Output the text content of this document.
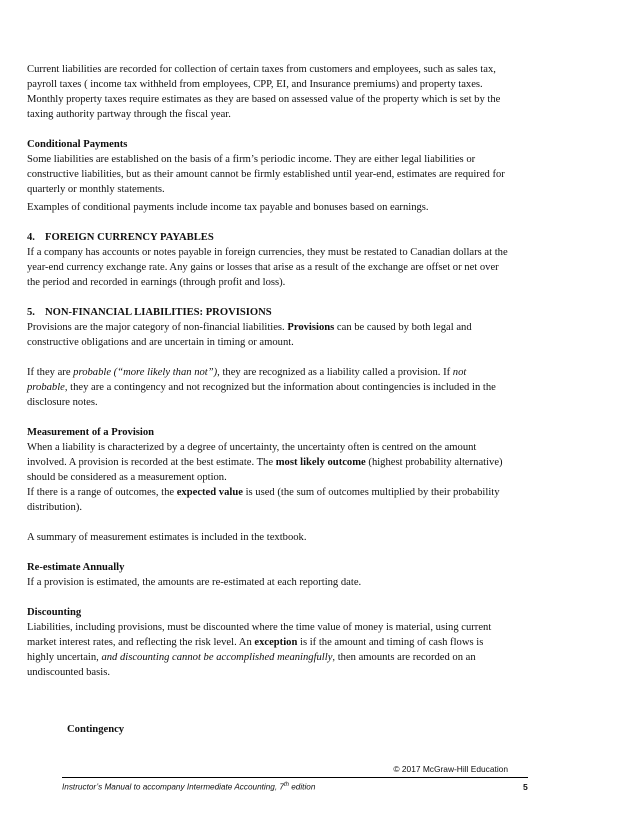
Current liabilities are recorded for collection of certain taxes from customers and employees, such as sales tax, payroll taxes ( income tax withheld from employees, CPP, EI, and Insurance premiums) and property taxes. Monthly property taxes require estimates as they are based on assessed value of the property which is set by the taxing authority partway through the fiscal year.

Conditional Payments

Some liabilities are established on the basis of a firm’s periodic income. They are either legal liabilities or constructive liabilities, but as their amount cannot be firmly established until year-end, estimates are required for quarterly or monthly statements.

Examples of conditional payments include income tax payable and bonuses based on earnings.

4. FOREIGN CURRENCY PAYABLES

If a company has accounts or notes payable in foreign currencies, they must be restated to Canadian dollars at the year-end currency exchange rate. Any gains or losses that arise as a result of the exchange are offset or net over the period and recorded in earnings (through profit and loss).

5. NON-FINANCIAL LIABILITIES: PROVISIONS

Provisions are the major category of non-financial liabilities. Provisions can be caused by both legal and constructive obligations and are uncertain in timing or amount.

If they are probable (“more likely than not”), they are recognized as a liability called a provision. If not probable, they are a contingency and not recognized but the information about contingencies is included in the disclosure notes.

Measurement of a Provision

When a liability is characterized by a degree of uncertainty, the uncertainty often is centred on the amount involved. A provision is recorded at the best estimate. The most likely outcome (highest probability alternative) should be considered as a measurement option.

If there is a range of outcomes, the expected value is used (the sum of outcomes multiplied by their probability distribution).

A summary of measurement estimates is included in the textbook.

Re-estimate Annually

If a provision is estimated, the amounts are re-estimated at each reporting date.

Discounting

Liabilities, including provisions, must be discounted where the time value of money is material, using current market interest rates, and reflecting the risk level. An exception is if the amount and timing of cash flows is highly uncertain, and discounting cannot be accomplished meaningfully, then amounts are recorded on an undiscounted basis.

Contingency
© 2017 McGraw-Hill Education
Instructor’s Manual to accompany Intermediate Accounting, 7th edition	5
